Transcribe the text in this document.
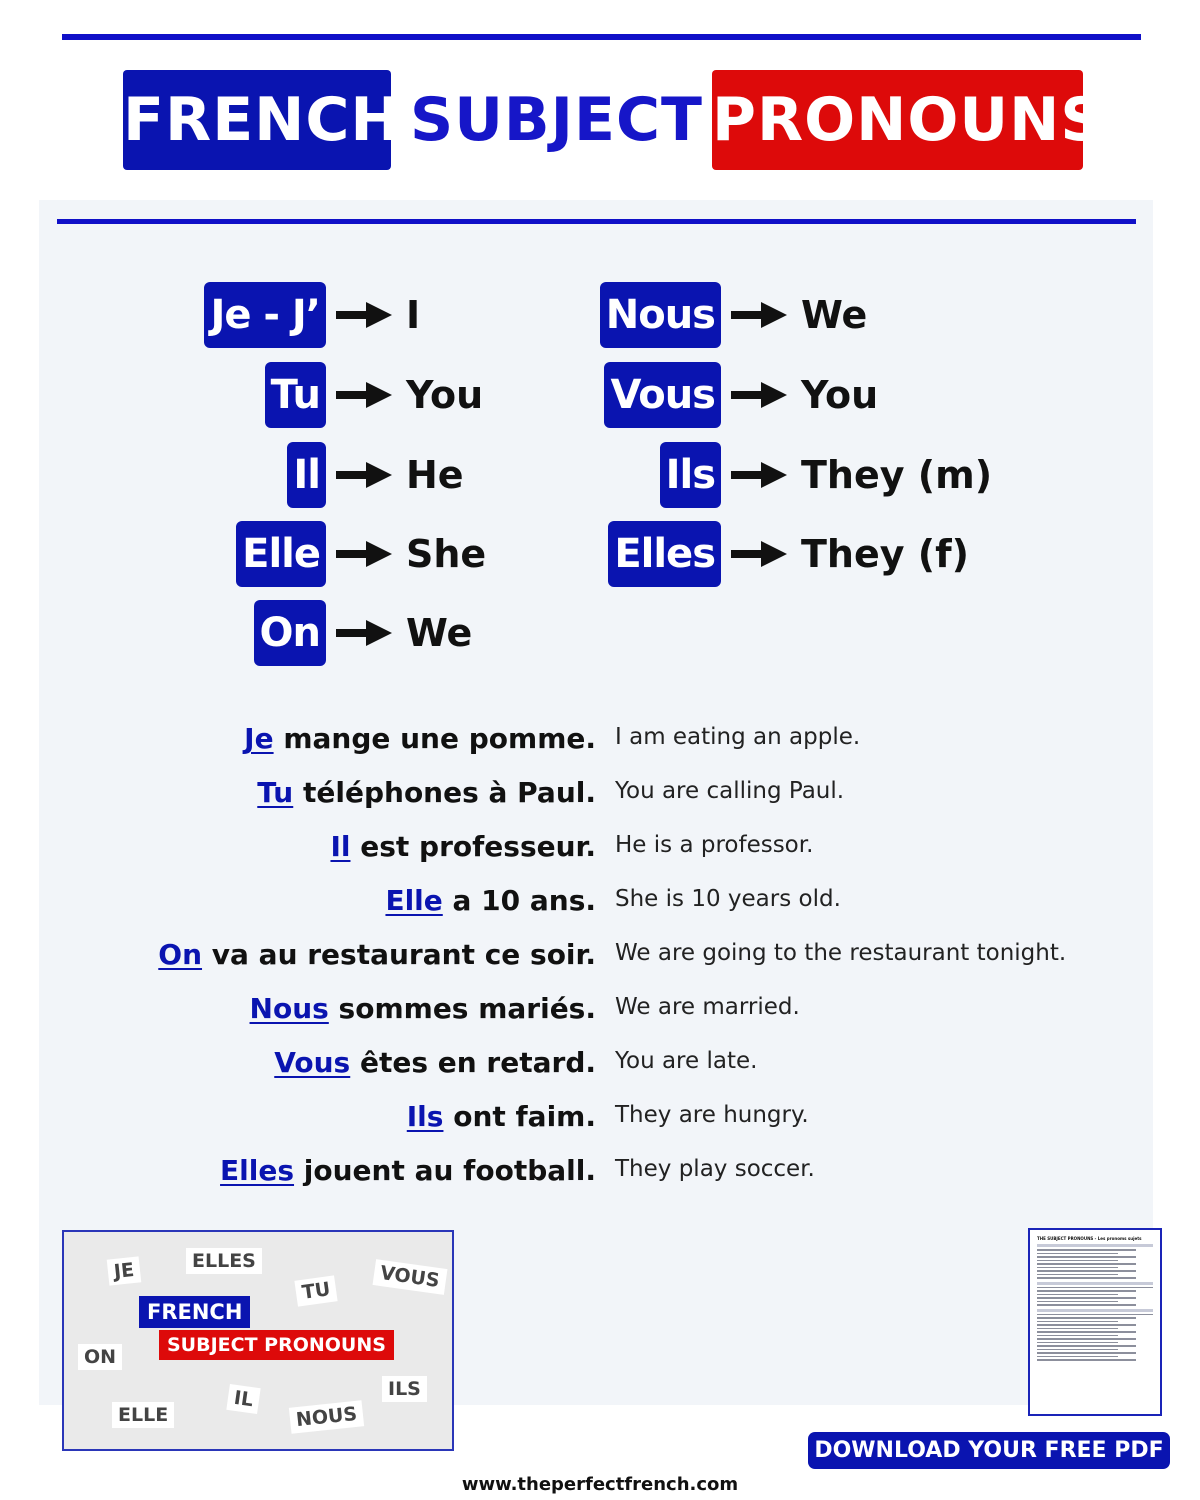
FRENCH SUBJECT PRONOUNS
Je mange une pomme. I am eating an apple.
Tu téléphones à Paul. You are calling Paul.
Il est professeur. He is a professor.
Elle a 10 ans. She is 10 years old.
On va au restaurant ce soir. We are going to the restaurant tonight.
Nous sommes mariés. We are married.
Vous êtes en retard. You are late.
Ils ont faim. They are hungry.
Elles jouent au football. They play soccer.
JE	ELLES
TU	VOUS
FRENCH
SUBJECT PRONOUNS
ON
ILS
ELLE
IL
NOUS
THE SUBJECT PRONOUNS - Les pronoms sujets
DOWNLOAD YOUR FREE PDF
www.theperfectfrench.com
Je - J’ I
Tu You
Il He
Elle She
On We
Nous We
Vous You
Ils They (m)
Elles They (f)
